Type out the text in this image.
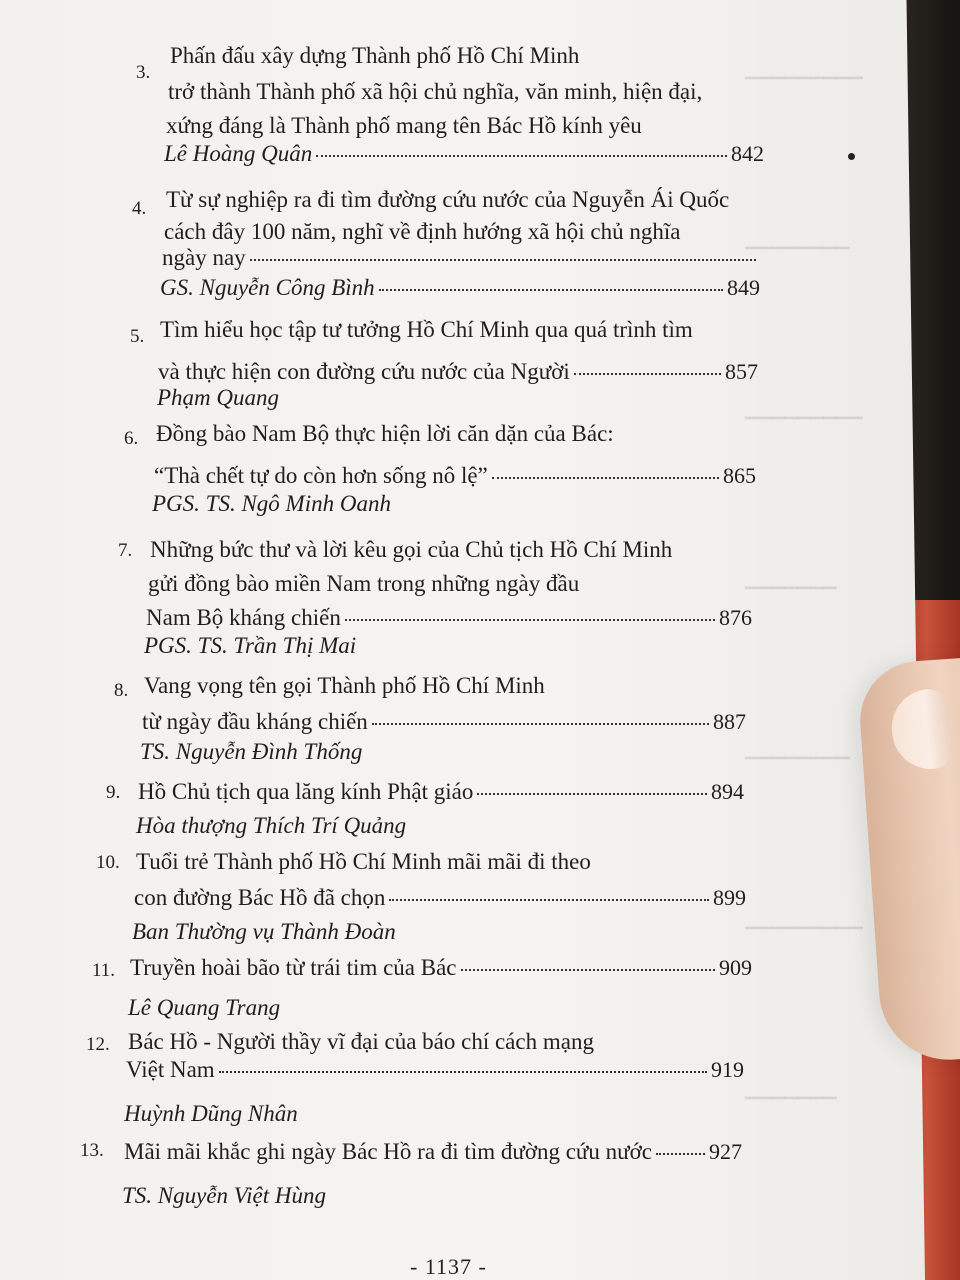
3.
Phấn đấu xây dựng Thành phố Hồ Chí Minh
trở thành Thành phố xã hội chủ nghĩa, văn minh, hiện đại,
xứng đáng là Thành phố mang tên Bác Hồ kính yêu
Lê Hoàng Quân	842
4. Từ sự nghiệp ra đi tìm đường cứu nước của Nguyễn Ái Quốc
cách đây 100 năm, nghĩ về định hướng xã hội chủ nghĩa
ngày nay
GS. Nguyễn Công Bình	849
5. Tìm hiểu học tập tư tưởng Hồ Chí Minh qua quá trình tìm
và thực hiện con đường cứu nước của Người	857
Phạm Quang
6. Đồng bào Nam Bộ thực hiện lời căn dặn của Bác:
“Thà chết tự do còn hơn sống nô lệ”	865
PGS. TS. Ngô Minh Oanh
7. Những bức thư và lời kêu gọi của Chủ tịch Hồ Chí Minh
gửi đồng bào miền Nam trong những ngày đầu
Nam Bộ kháng chiến	876
PGS. TS. Trần Thị Mai
8. Vang vọng tên gọi Thành phố Hồ Chí Minh
từ ngày đầu kháng chiến	887
TS. Nguyễn Đình Thống
9. Hồ Chủ tịch qua lăng kính Phật giáo	894
Hòa thượng Thích Trí Quảng
10. Tuổi trẻ Thành phố Hồ Chí Minh mãi mãi đi theo
con đường Bác Hồ đã chọn	899
Ban Thường vụ Thành Đoàn
11. Truyền hoài bão từ trái tim của Bác	909
Lê Quang Trang
12. Bác Hồ - Người thầy vĩ đại của báo chí cách mạng
Việt Nam	919
Huỳnh Dũng Nhân
13. Mãi mãi khắc ghi ngày Bác Hồ ra đi tìm đường cứu nước	927
TS. Nguyễn Việt Hùng
- 1137 -
